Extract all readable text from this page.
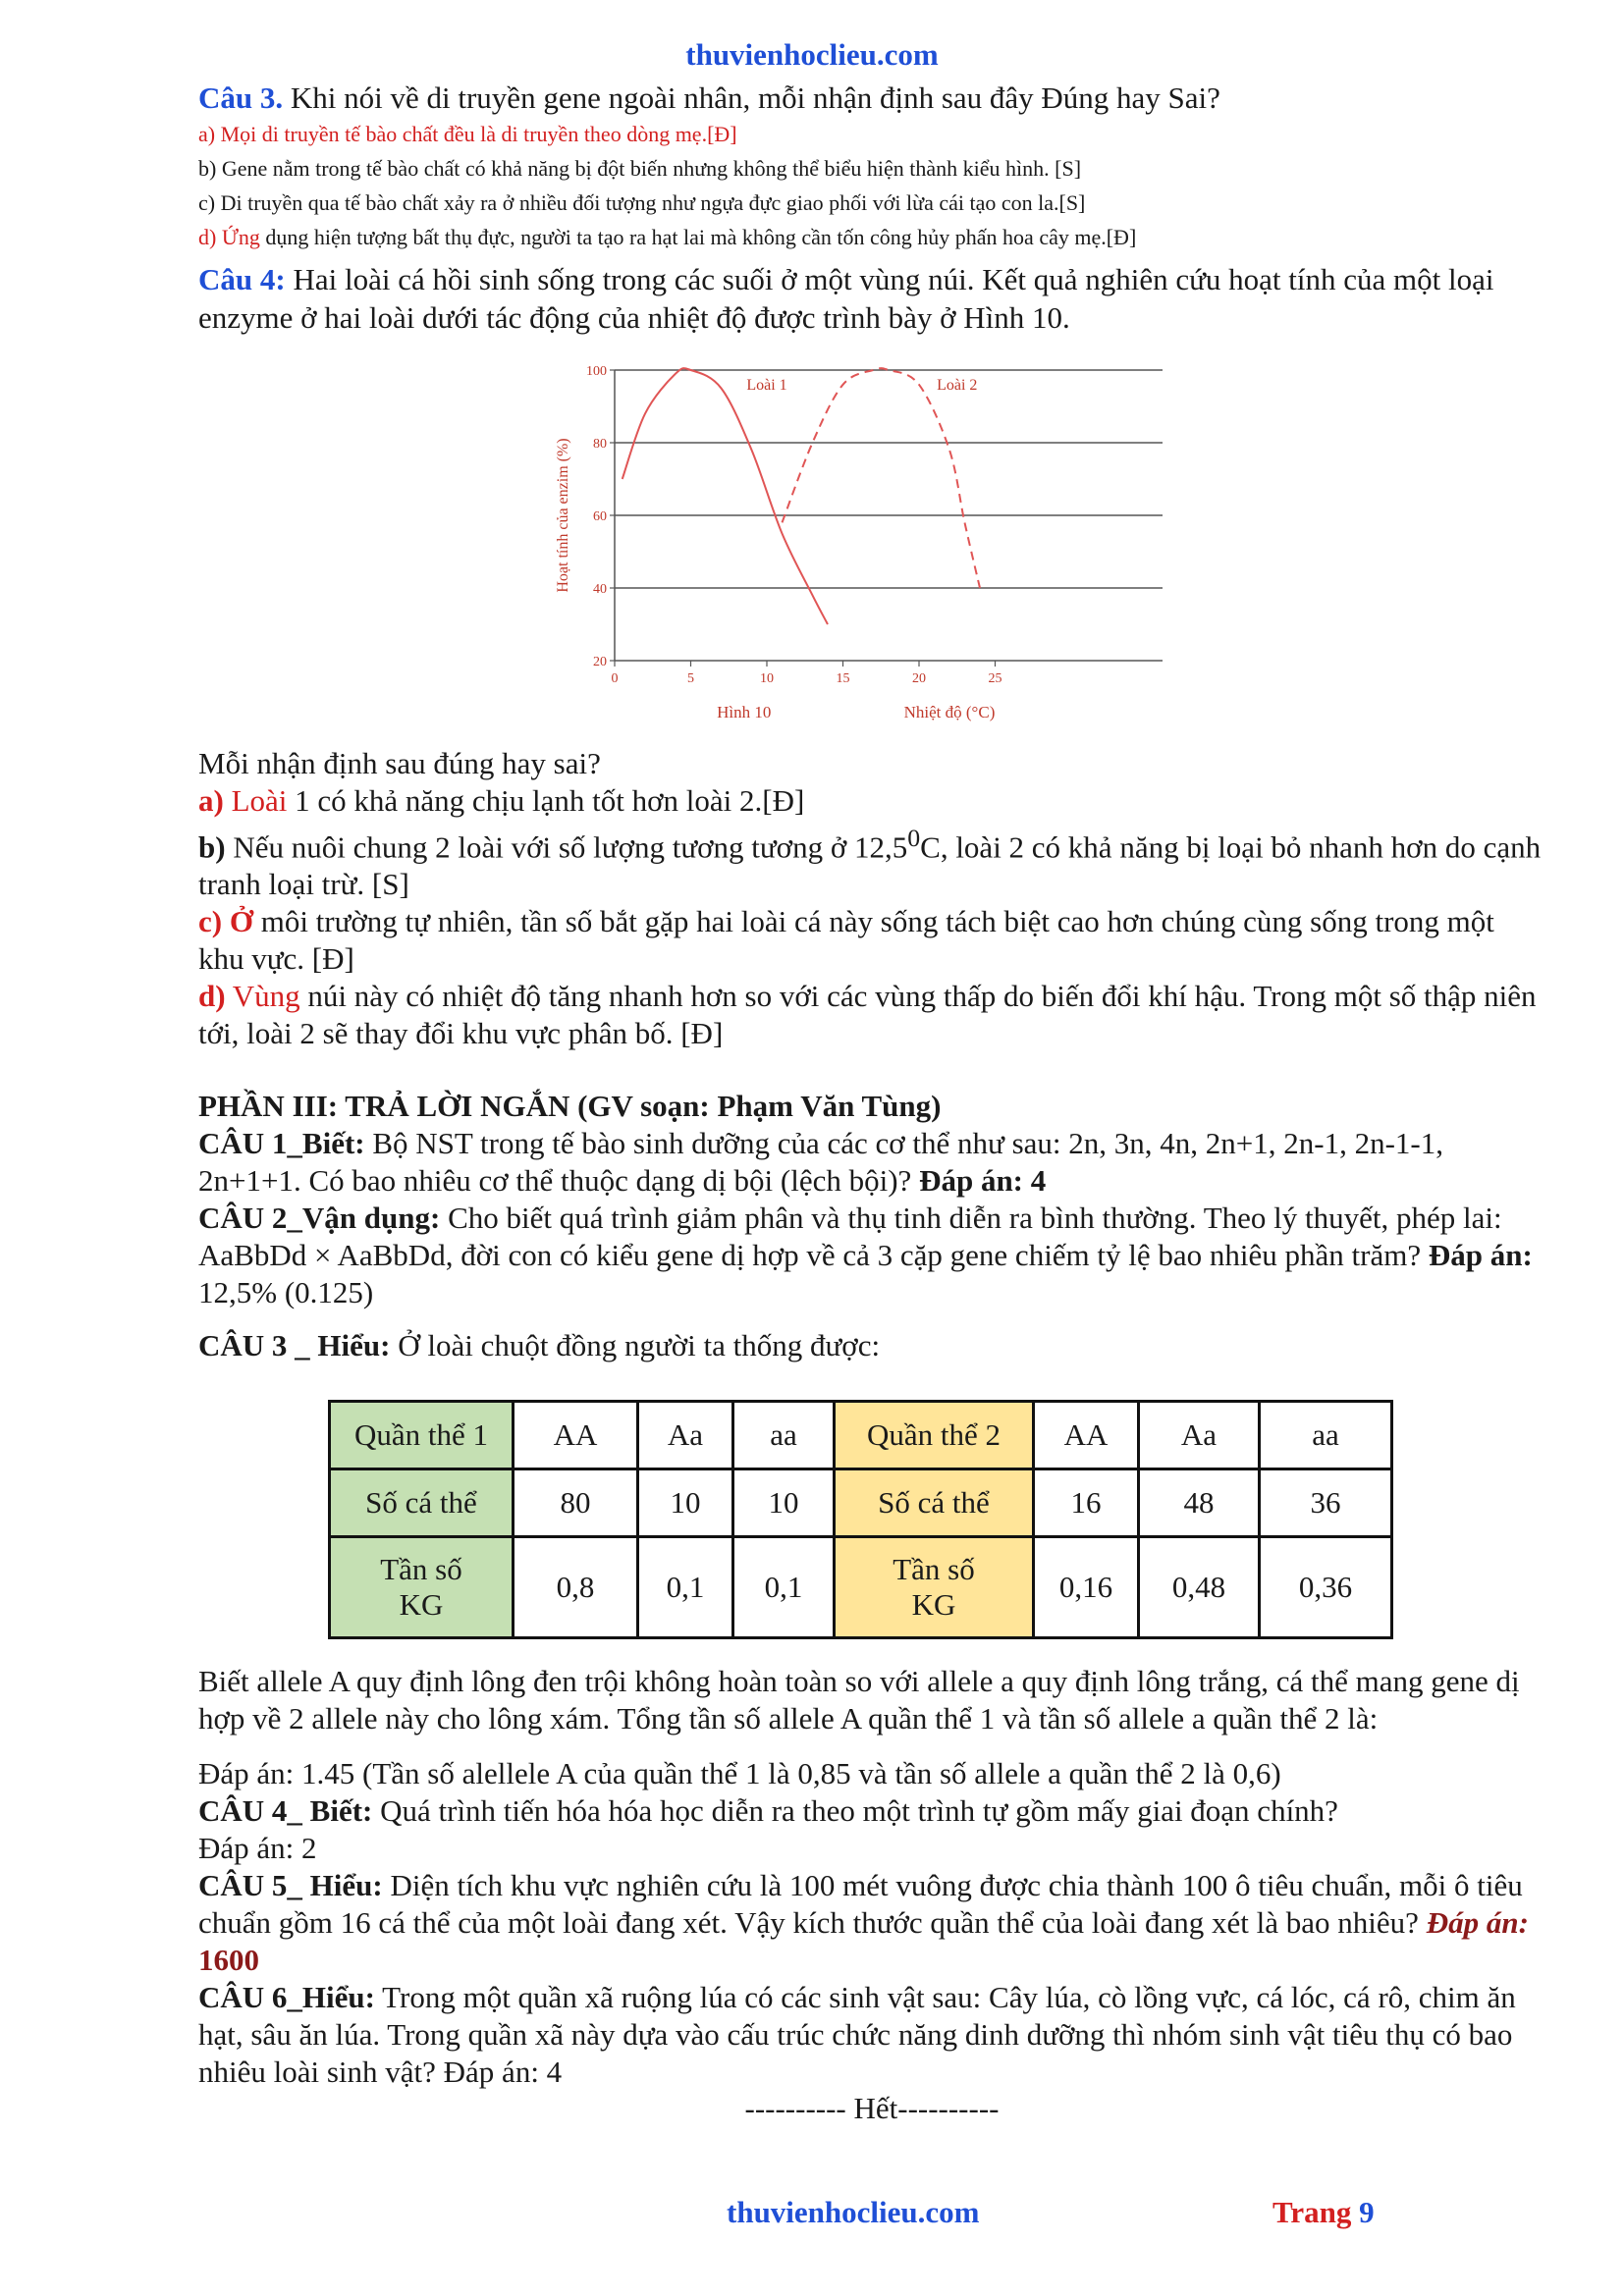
thuvienhoclieu.com

Câu 3. Khi nói về di truyền gene ngoài nhân, mỗi nhận định sau đây Đúng hay Sai?

a) Mọi di truyền tế bào chất đều là di truyền theo dòng mẹ.[Đ]

b) Gene nằm trong tế bào chất có khả năng bị đột biến nhưng không thể biểu hiện thành kiểu hình. [S]

c) Di truyền qua tế bào chất xảy ra ở nhiều đối tượng như ngựa đực giao phối với lừa cái tạo con la.[S]

d) Ứng dụng hiện tượng bất thụ đực, người ta tạo ra hạt lai mà không cần tốn công hủy phấn hoa cây mẹ.[Đ]

Câu 4: Hai loài cá hồi sinh sống trong các suối ở một vùng núi. Kết quả nghiên cứu hoạt tính của một loại enzyme ở hai loài dưới tác động của nhiệt độ được trình bày ở Hình 10.

20
40
60
80
100
0	5	10	15	20	25
Hoạt tính của enzim (%)
Hình 10	Nhiệt độ (°C)
Loài 1	Loài 2

Mỗi nhận định sau đúng hay sai?

a) Loài 1 có khả năng chịu lạnh tốt hơn loài 2.[Đ]

b) Nếu nuôi chung 2 loài với số lượng tương tương ở 12,5$^0$C, loài 2 có khả năng bị loại bỏ nhanh hơn do cạnh tranh loại trừ. [S]

c) Ở môi trường tự nhiên, tần số bắt gặp hai loài cá này sống tách biệt cao hơn chúng cùng sống trong một khu vực. [Đ]

d) Vùng núi này có nhiệt độ tăng nhanh hơn so với các vùng thấp do biến đổi khí hậu. Trong một số thập niên tới, loài 2 sẽ thay đổi khu vực phân bố. [Đ]

PHẦN III: TRẢ LỜI NGẮN (GV soạn: Phạm Văn Tùng)

CÂU 1_Biết: Bộ NST trong tế bào sinh dưỡng của các cơ thể như sau: 2n, 3n, 4n, 2n+1, 2n-1, 2n-1-1, 2n+1+1. Có bao nhiêu cơ thể thuộc dạng dị bội (lệch bội)? Đáp án: 4

CÂU 2_Vận dụng: Cho biết quá trình giảm phân và thụ tinh diễn ra bình thường. Theo lý thuyết, phép lai: AaBbDd × AaBbDd, đời con có kiểu gene dị hợp về cả 3 cặp gene chiếm tỷ lệ bao nhiêu phần trăm? Đáp án: 12,5% (0.125)

CÂU 3 _ Hiểu: Ở loài chuột đồng người ta thống được:

Quần thể 1	AA	Aa	aa	Quần thể 2	AA	Aa	aa
Số cá thể	80	10	10	Số cá thể	16	48	36
Tần số KG	0,8	0,1	0,1	Tần số KG	0,16	0,48	0,36

Biết allele A quy định lông đen trội không hoàn toàn so với allele a quy định lông trắng, cá thể mang gene dị hợp về 2 allele này cho lông xám. Tổng tần số allele A quần thể 1 và tần số allele a quần thể 2 là:

Đáp án: 1.45 (Tần số alellele A của quần thể 1 là 0,85 và tần số allele a quần thể 2 là 0,6)

CÂU 4_ Biết: Quá trình tiến hóa hóa học diễn ra theo một trình tự gồm mấy giai đoạn chính?

Đáp án: 2

CÂU 5_ Hiểu: Diện tích khu vực nghiên cứu là 100 mét vuông được chia thành 100 ô tiêu chuẩn, mỗi ô tiêu chuẩn gồm 16 cá thể của một loài đang xét. Vậy kích thước quần thể của loài đang xét là bao nhiêu? Đáp án: 1600

CÂU 6_Hiểu: Trong một quần xã ruộng lúa có các sinh vật sau: Cây lúa, cò lồng vực, cá lóc, cá rô, chim ăn hạt, sâu ăn lúa. Trong quần xã này dựa vào cấu trúc chức năng dinh dưỡng thì nhóm sinh vật tiêu thụ có bao nhiêu loài sinh vật? Đáp án: 4

---------- Hết----------

thuvienhoclieu.com	Trang 9
